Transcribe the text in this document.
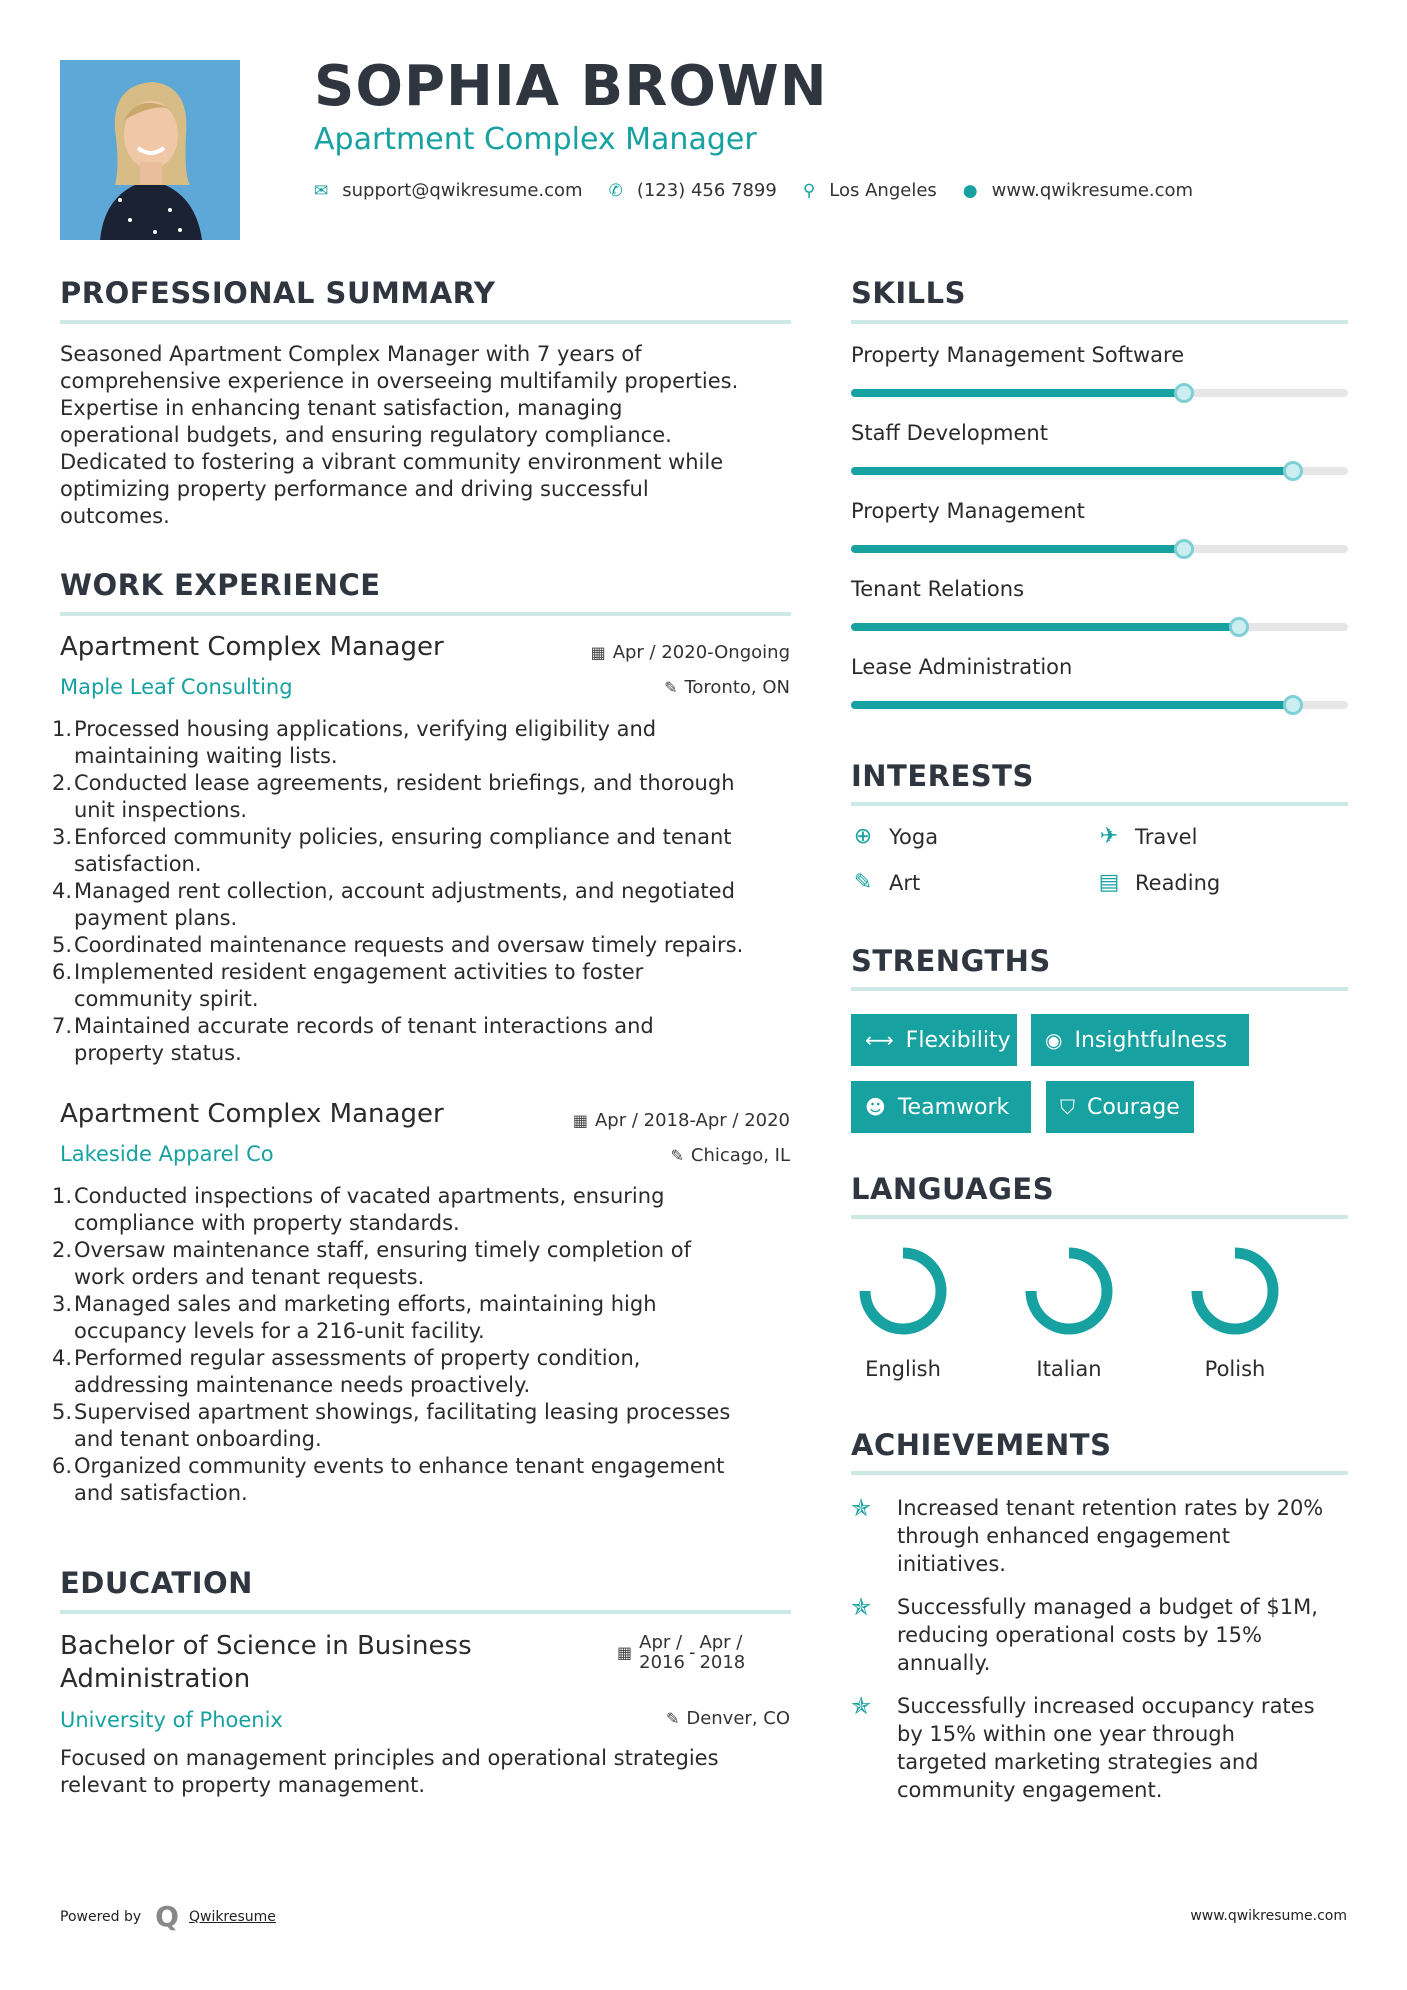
SOPHIA BROWN
Apartment Complex Manager
✉ support@qwikresume.com ✆ (123) 456 7899 ⚲ Los Angeles ● www.qwikresume.com
PROFESSIONAL SUMMARY
Seasoned Apartment Complex Manager with 7 years of
comprehensive experience in overseeing multifamily properties.
Expertise in enhancing tenant satisfaction, managing
operational budgets, and ensuring regulatory compliance.
Dedicated to fostering a vibrant community environment while
optimizing property performance and driving successful
outcomes.
WORK EXPERIENCE
Apartment Complex Manager	▦ Apr / 2020-Ongoing
Maple Leaf Consulting	✎ Toronto, ON
1. Processed housing applications, verifying eligibility and
maintaining waiting lists.
2. Conducted lease agreements, resident briefings, and thorough
unit inspections.
3. Enforced community policies, ensuring compliance and tenant
satisfaction.
4. Managed rent collection, account adjustments, and negotiated
payment plans.
5. Coordinated maintenance requests and oversaw timely repairs.
6. Implemented resident engagement activities to foster
community spirit.
7. Maintained accurate records of tenant interactions and
property status.
Apartment Complex Manager	▦ Apr / 2018-Apr / 2020
Lakeside Apparel Co	✎ Chicago, IL
1. Conducted inspections of vacated apartments, ensuring
compliance with property standards.
2. Oversaw maintenance staff, ensuring timely completion of
work orders and tenant requests.
3. Managed sales and marketing efforts, maintaining high
occupancy levels for a 216-unit facility.
4. Performed regular assessments of property condition,
addressing maintenance needs proactively.
5. Supervised apartment showings, facilitating leasing processes
and tenant onboarding.
6. Organized community events to enhance tenant engagement
and satisfaction.
EDUCATION
Bachelor of Science in Business
Administration
▦ Apr /
2016 - Apr /
2018
University of Phoenix	✎ Denver, CO
Focused on management principles and operational strategies
relevant to property management.
SKILLS
Property Management Software
Staff Development
Property Management
Tenant Relations
Lease Administration
INTERESTS
⊕ Yoga	✈ Travel
✎ Art	▤ Reading
STRENGTHS
⟷ Flexibility ◉ Insightfulness
☻ Teamwork	⛉ Courage
LANGUAGES
English	Italian	Polish
ACHIEVEMENTS
✯	Increased tenant retention rates by 20%
through enhanced engagement
initiatives.
✯	Successfully managed a budget of $1M,
reducing operational costs by 15%
annually.
✯	Successfully increased occupancy rates
by 15% within one year through
targeted marketing strategies and
community engagement.
Powered by Q Qwikresume	www.qwikresume.com
